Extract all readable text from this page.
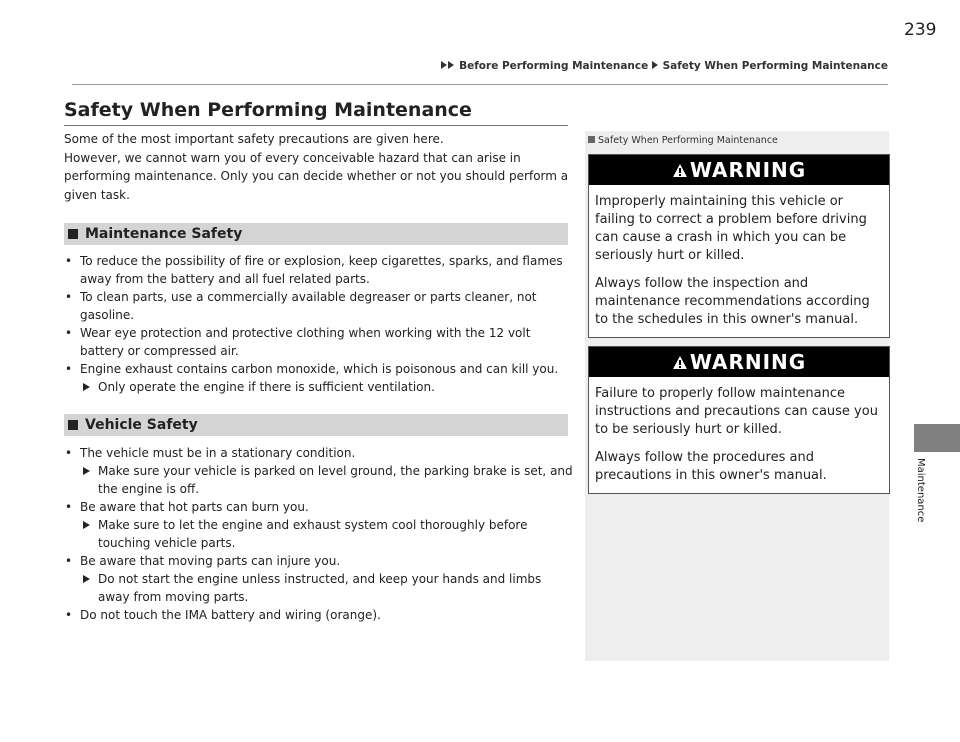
239
Before Performing Maintenance Safety When Performing Maintenance
Maintenance
Safety When Performing Maintenance
Some of the most important safety precautions are given here.
However, we cannot warn you of every conceivable hazard that can arise in performing maintenance. Only you can decide whether or not you should perform a given task.
Maintenance Safety
• To reduce the possibility of fire or explosion, keep cigarettes, sparks, and flames away from the battery and all fuel related parts.
• To clean parts, use a commercially available degreaser or parts cleaner, not gasoline.
• Wear eye protection and protective clothing when working with the 12 volt battery or compressed air.
• Engine exhaust contains carbon monoxide, which is poisonous and can kill you.
Only operate the engine if there is sufficient ventilation.
Vehicle Safety
• The vehicle must be in a stationary condition.
Make sure your vehicle is parked on level ground, the parking brake is set, and the engine is off.
• Be aware that hot parts can burn you.
Make sure to let the engine and exhaust system cool thoroughly before touching vehicle parts.
• Be aware that moving parts can injure you.
Do not start the engine unless instructed, and keep your hands and limbs away from moving parts.
• Do not touch the IMA battery and wiring (orange).
Safety When Performing Maintenance
WARNING

Improperly maintaining this vehicle or failing to correct a problem before driving can cause a crash in which you can be seriously hurt or killed.

Always follow the inspection and maintenance recommendations according to the schedules in this owner's manual.

WARNING

Failure to properly follow maintenance instructions and precautions can cause you to be seriously hurt or killed.

Always follow the procedures and precautions in this owner's manual.
